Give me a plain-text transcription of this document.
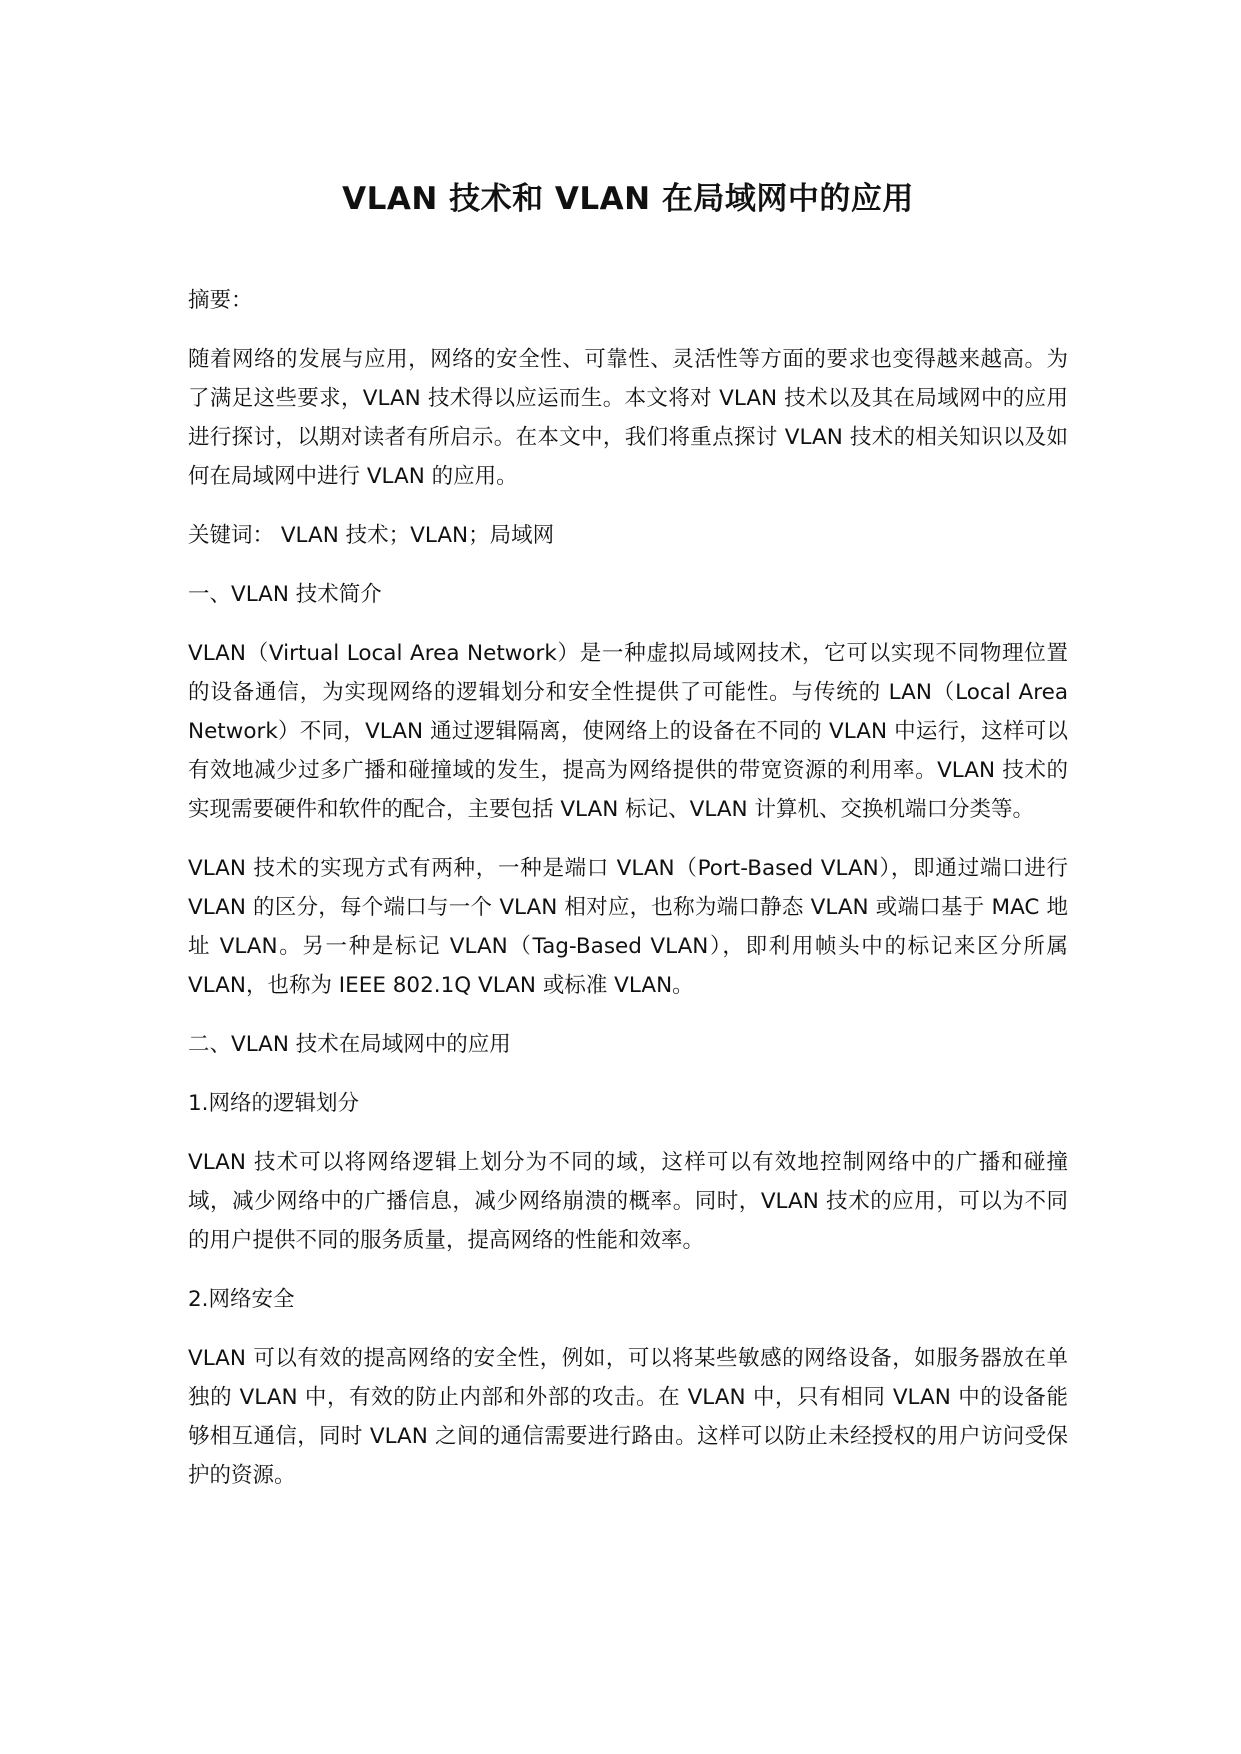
VLAN 技术和 VLAN 在局域网中的应用

摘要：

随着网络的发展与应用，网络的安全性、可靠性、灵活性等方面的要求也变得越来越高。为了满足这些要求，VLAN 技术得以应运而生。本文将对 VLAN 技术以及其在局域网中的应用进行探讨，以期对读者有所启示。在本文中，我们将重点探讨 VLAN 技术的相关知识以及如何在局域网中进行 VLAN 的应用。

关键词： VLAN 技术；VLAN；局域网

一、VLAN 技术简介

VLAN（Virtual Local Area Network）是一种虚拟局域网技术，它可以实现不同物理位置的设备通信，为实现网络的逻辑划分和安全性提供了可能性。与传统的 LAN（Local Area Network）不同，VLAN 通过逻辑隔离，使网络上的设备在不同的 VLAN 中运行，这样可以有效地减少过多广播和碰撞域的发生，提高为网络提供的带宽资源的利用率。VLAN 技术的实现需要硬件和软件的配合，主要包括 VLAN 标记、VLAN 计算机、交换机端口分类等。

VLAN 技术的实现方式有两种，一种是端口 VLAN（Port-Based VLAN），即通过端口进行 VLAN 的区分，每个端口与一个 VLAN 相对应，也称为端口静态 VLAN 或端口基于 MAC 地址 VLAN。另一种是标记 VLAN（Tag-Based VLAN），即利用帧头中的标记来区分所属 VLAN，也称为 IEEE 802.1Q VLAN 或标准 VLAN。

二、VLAN 技术在局域网中的应用

1.网络的逻辑划分

VLAN 技术可以将网络逻辑上划分为不同的域，这样可以有效地控制网络中的广播和碰撞域，减少网络中的广播信息，减少网络崩溃的概率。同时，VLAN 技术的应用，可以为不同的用户提供不同的服务质量，提高网络的性能和效率。

2.网络安全

VLAN 可以有效的提高网络的安全性，例如，可以将某些敏感的网络设备，如服务器放在单独的 VLAN 中，有效的防止内部和外部的攻击。在 VLAN 中，只有相同 VLAN 中的设备能够相互通信，同时 VLAN 之间的通信需要进行路由。这样可以防止未经授权的用户访问受保护的资源。
